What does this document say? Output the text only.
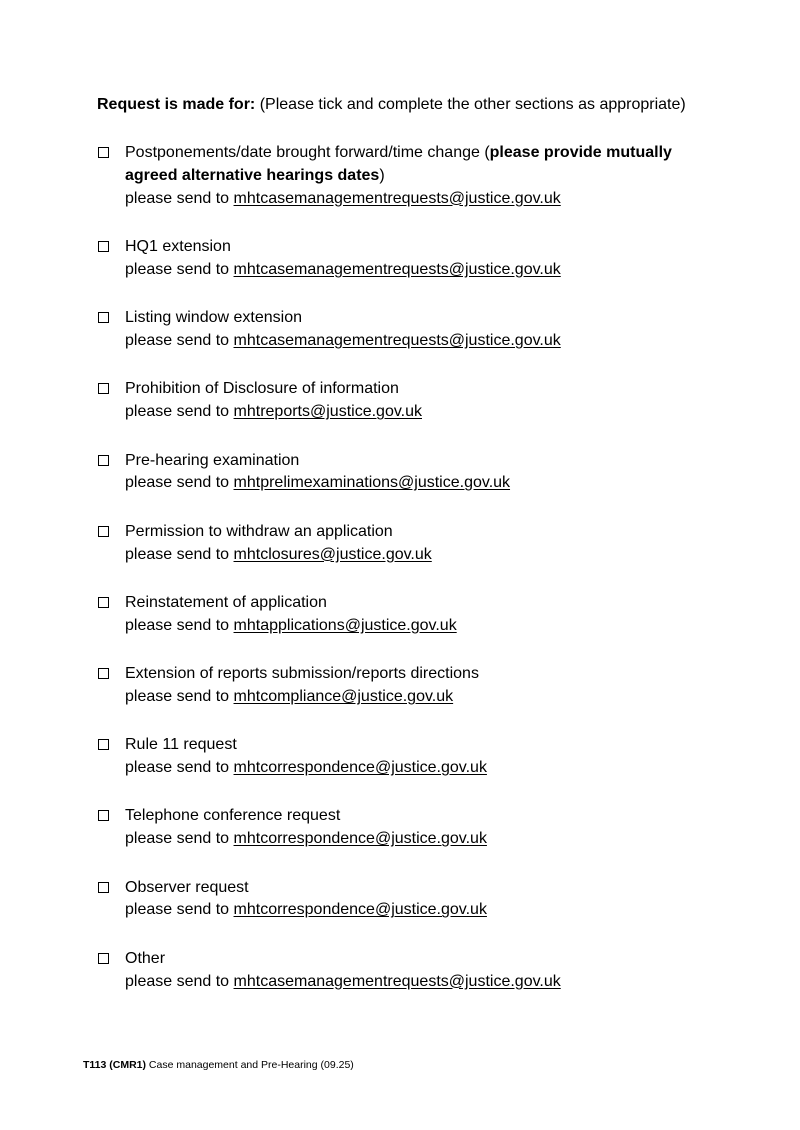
Request is made for: (Please tick and complete the other sections as appropriate)
Postponements/date brought forward/time change (please provide mutually agreed alternative hearings dates)
please send to mhtcasemanagementrequests@justice.gov.uk
HQ1 extension
please send to mhtcasemanagementrequests@justice.gov.uk
Listing window extension
please send to mhtcasemanagementrequests@justice.gov.uk
Prohibition of Disclosure of information
please send to mhtreports@justice.gov.uk
Pre-hearing examination
please send to mhtprelimexaminations@justice.gov.uk
Permission to withdraw an application
please send to mhtclosures@justice.gov.uk
Reinstatement of application
please send to mhtapplications@justice.gov.uk
Extension of reports submission/reports directions
please send to mhtcompliance@justice.gov.uk
Rule 11 request
please send to mhtcorrespondence@justice.gov.uk
Telephone conference request
please send to mhtcorrespondence@justice.gov.uk
Observer request
please send to mhtcorrespondence@justice.gov.uk
Other
please send to mhtcasemanagementrequests@justice.gov.uk
T113 (CMR1) Case management and Pre-Hearing (09.25)
